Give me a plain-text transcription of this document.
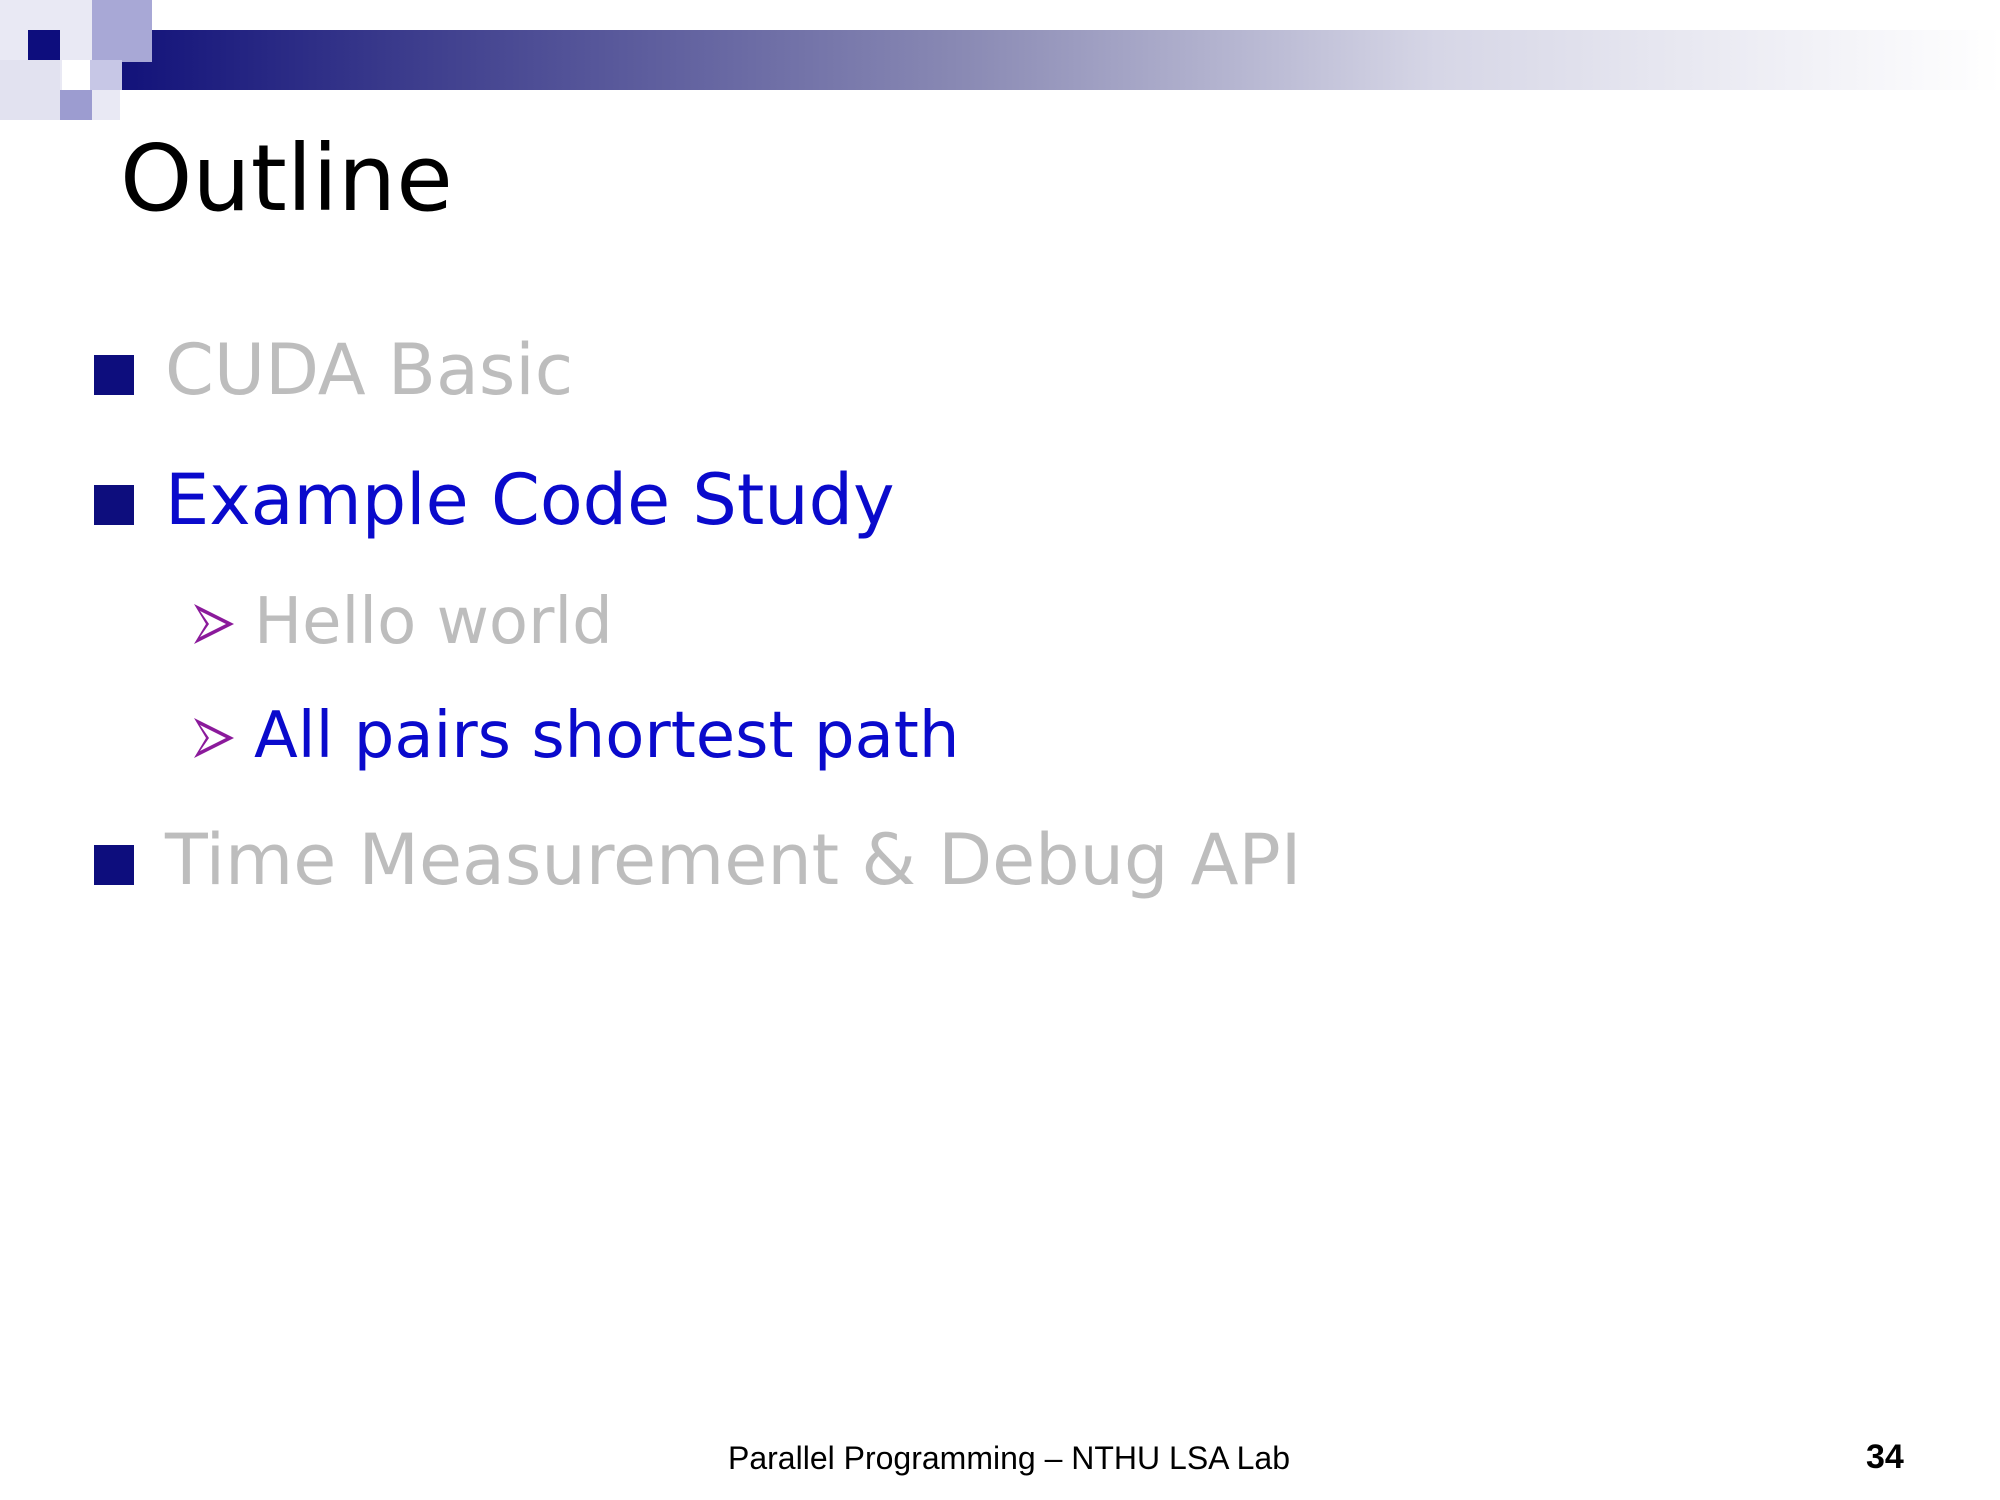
Outline
CUDA Basic
Example Code Study
Hello world
All pairs shortest path
Time Measurement & Debug API
Parallel Programming – NTHU LSA Lab	34
